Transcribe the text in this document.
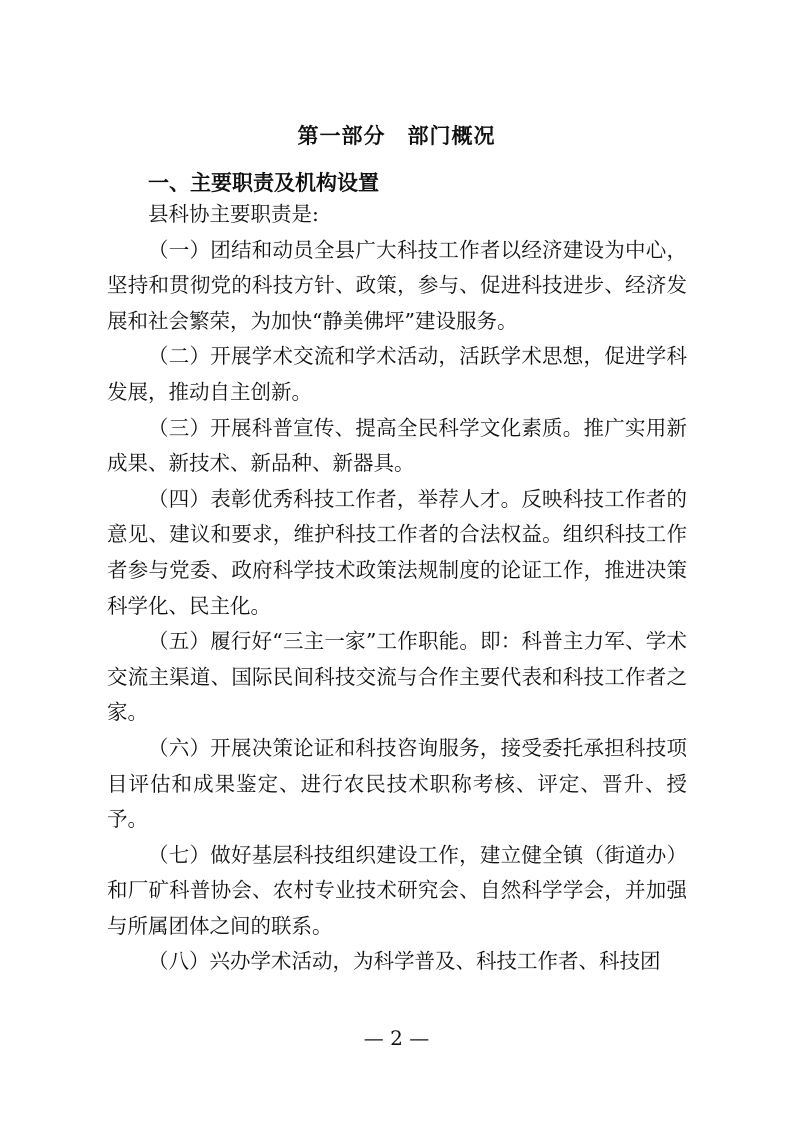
第一部分　部门概况
一、主要职责及机构设置

县科协主要职责是:

（一）团结和动员全县广大科技工作者以经济建设为中心，坚持和贯彻党的科技方针、政策，参与、促进科技进步、经济发展和社会繁荣，为加快“静美佛坪”建设服务。

（二）开展学术交流和学术活动，活跃学术思想，促进学科发展，推动自主创新。

（三）开展科普宣传、提高全民科学文化素质。推广实用新成果、新技术、新品种、新器具。

（四）表彰优秀科技工作者，举荐人才。反映科技工作者的意见、建议和要求，维护科技工作者的合法权益。组织科技工作者参与党委、政府科学技术政策法规制度的论证工作，推进决策科学化、民主化。

（五）履行好“三主一家”工作职能。即：科普主力军、学术交流主渠道、国际民间科技交流与合作主要代表和科技工作者之家。

（六）开展决策论证和科技咨询服务，接受委托承担科技项目评估和成果鉴定、进行农民技术职称考核、评定、晋升、授予。

（七）做好基层科技组织建设工作，建立健全镇（街道办）和厂矿科普协会、农村专业技术研究会、自然科学学会，并加强与所属团体之间的联系。

（八）兴办学术活动，为科学普及、科技工作者、科技团

— 2 —
